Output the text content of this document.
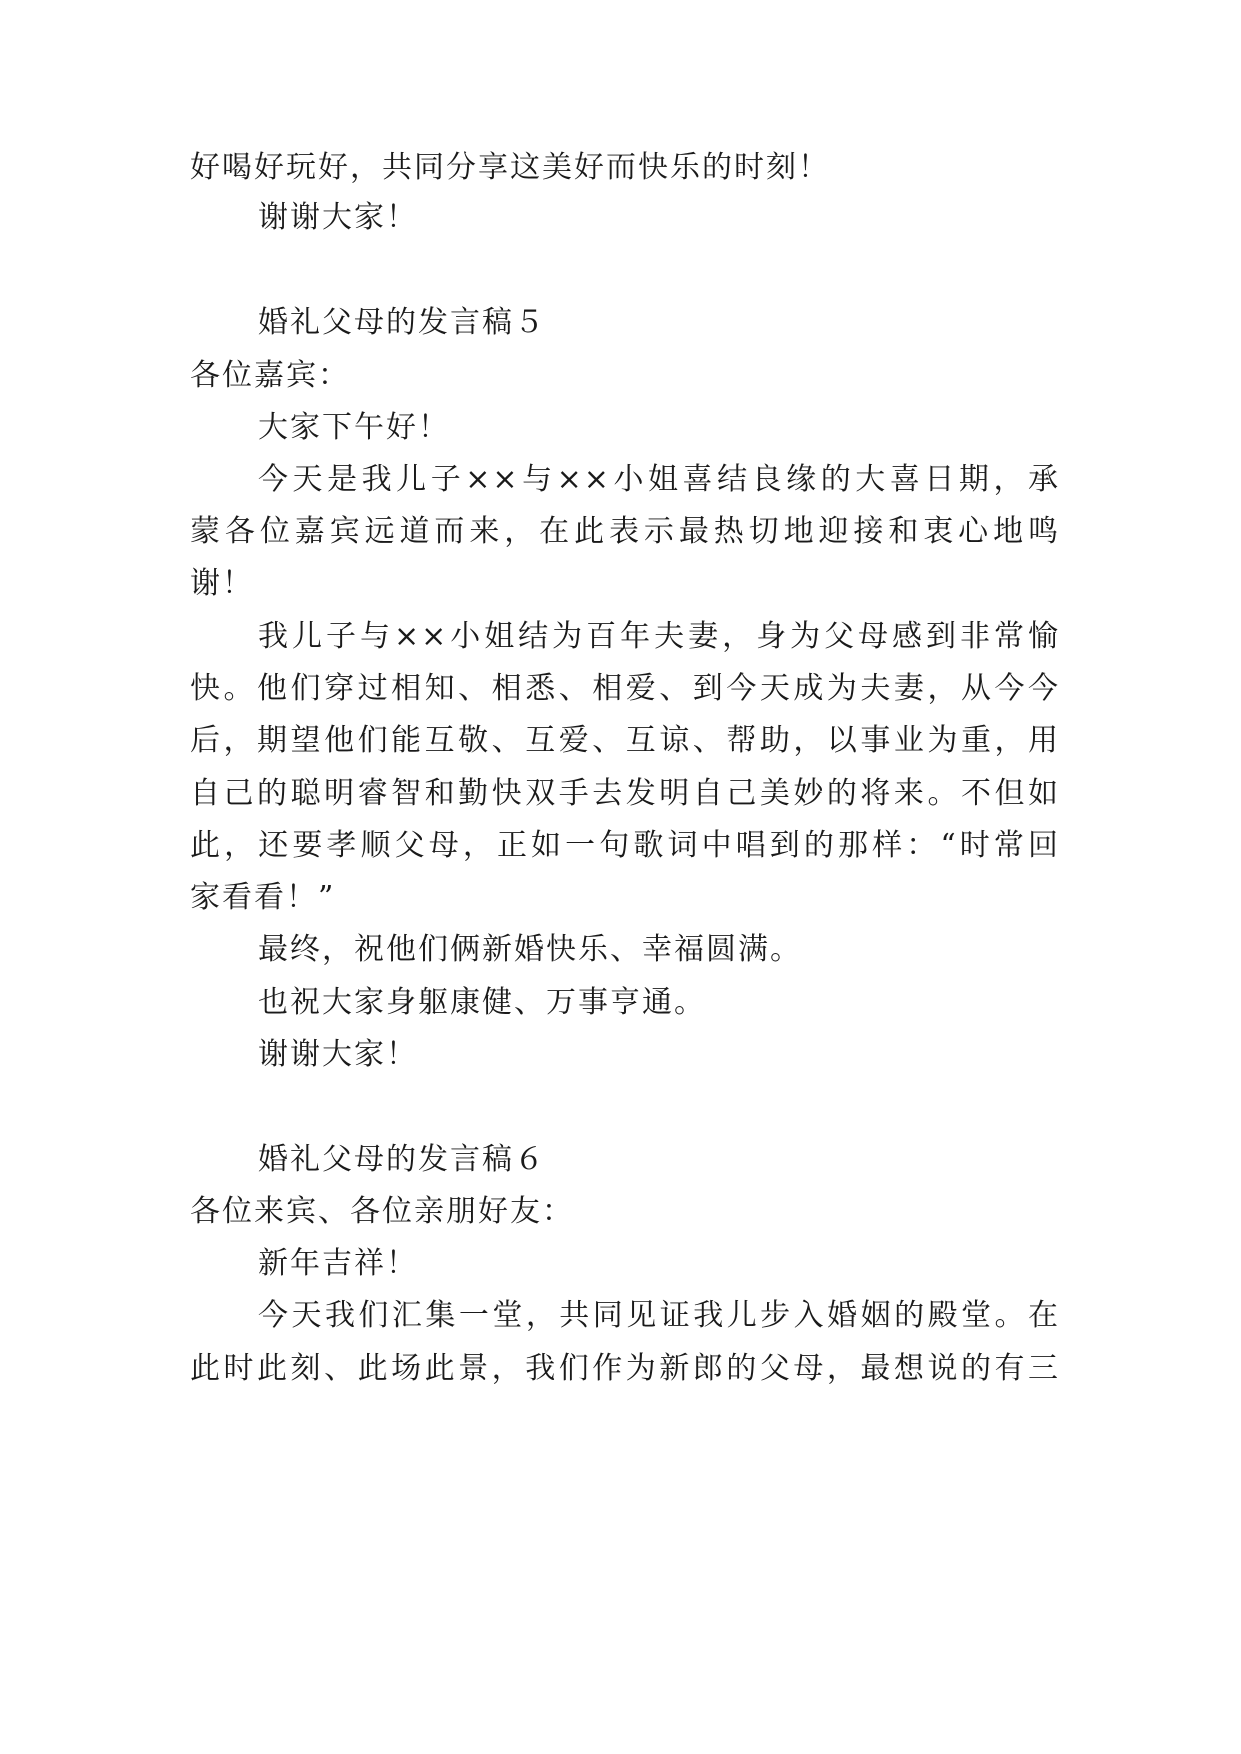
好喝好玩好，共同分享这美好而快乐的时刻！
谢谢大家！
婚礼父母的发言稿５
各位嘉宾：
大家下午好！
今天是我儿子××与××小姐喜结良缘的大喜日期，承
蒙各位嘉宾远道而来，在此表示最热切地迎接和衷心地鸣
谢！
我儿子与××小姐结为百年夫妻，身为父母感到非常愉
快。他们穿过相知、相悉、相爱、到今天成为夫妻，从今今
后，期望他们能互敬、互爱、互谅、帮助，以事业为重，用
自己的聪明睿智和勤快双手去发明自己美妙的将来。不但如
此，还要孝顺父母，正如一句歌词中唱到的那样：“时常回
家看看！”
最终，祝他们俩新婚快乐、幸福圆满。
也祝大家身躯康健、万事亨通。
谢谢大家！
婚礼父母的发言稿６
各位来宾、各位亲朋好友：
新年吉祥！
今天我们汇集一堂，共同见证我儿步入婚姻的殿堂。在
此时此刻、此场此景，我们作为新郎的父母，最想说的有三
